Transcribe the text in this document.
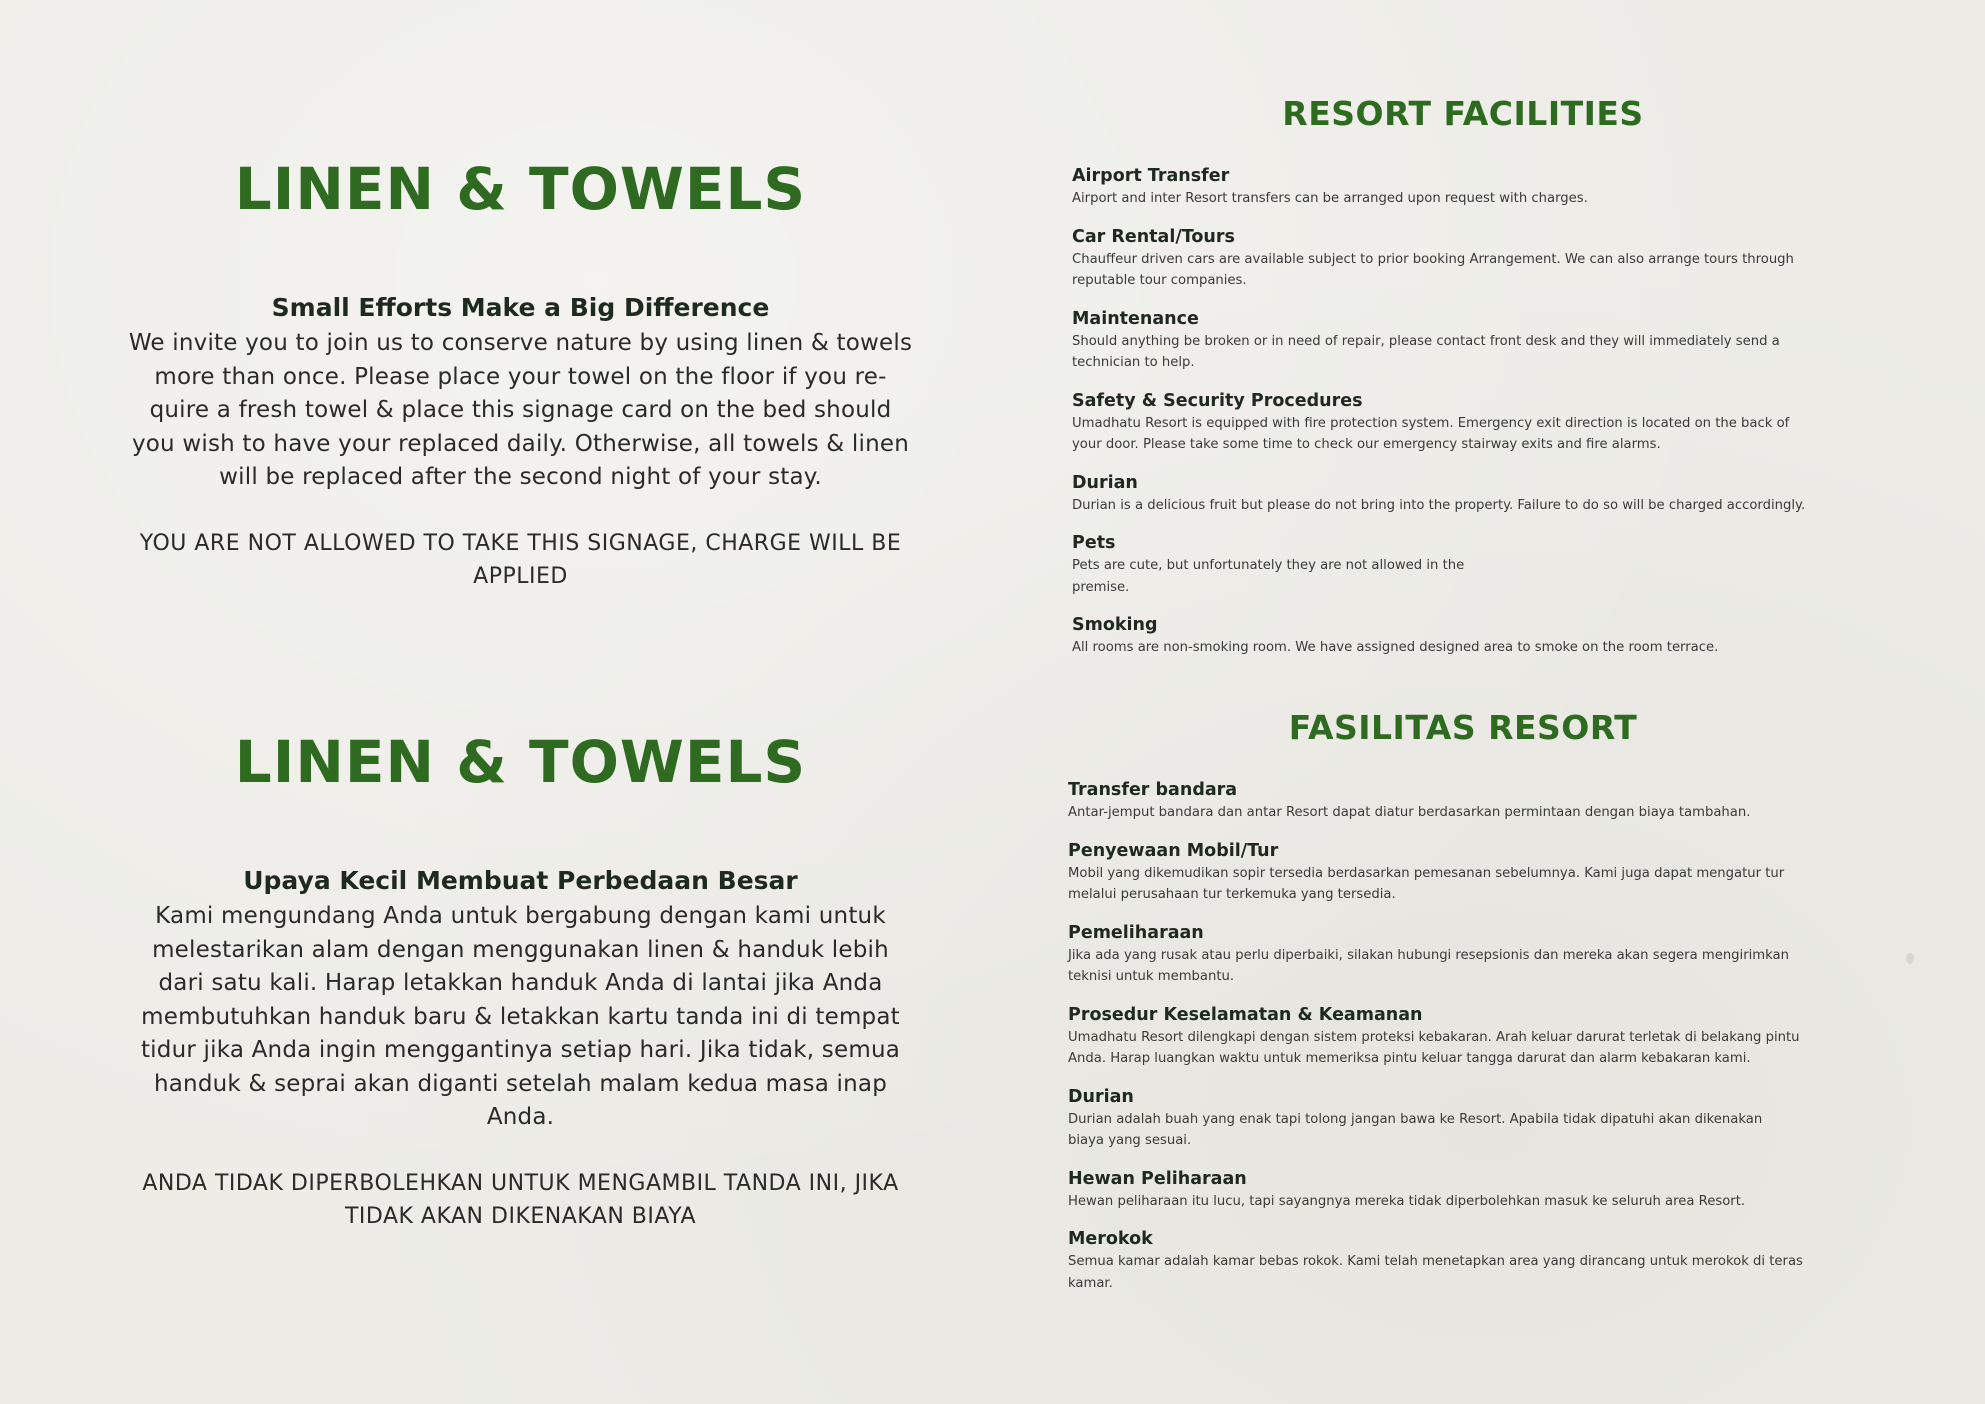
LINEN & TOWELS
Small Efforts Make a Big Difference
We invite you to join us to conserve nature by using linen & towels
more than once. Please place your towel on the floor if you re-
quire a fresh towel & place this signage card on the bed should
you wish to have your replaced daily. Otherwise, all towels & linen
will be replaced after the second night of your stay.
YOU ARE NOT ALLOWED TO TAKE THIS SIGNAGE, CHARGE WILL BE
APPLIED
LINEN & TOWELS
Upaya Kecil Membuat Perbedaan Besar
Kami mengundang Anda untuk bergabung dengan kami untuk
melestarikan alam dengan menggunakan linen & handuk lebih
dari satu kali. Harap letakkan handuk Anda di lantai jika Anda
membutuhkan handuk baru & letakkan kartu tanda ini di tempat
tidur jika Anda ingin menggantinya setiap hari. Jika tidak, semua
handuk & seprai akan diganti setelah malam kedua masa inap
Anda.
ANDA TIDAK DIPERBOLEHKAN UNTUK MENGAMBIL TANDA INI, JIKA
TIDAK AKAN DIKENAKAN BIAYA
RESORT FACILITIES
Airport Transfer
Airport and inter Resort transfers can be arranged upon request with charges.
Car Rental/Tours
Chauffeur driven cars are available subject to prior booking Arrangement. We can also arrange tours through
reputable tour companies.
Maintenance
Should anything be broken or in need of repair, please contact front desk and they will immediately send a
technician to help.
Safety & Security Procedures
Umadhatu Resort is equipped with fire protection system. Emergency exit direction is located on the back of
your door. Please take some time to check our emergency stairway exits and fire alarms.
Durian
Durian is a delicious fruit but please do not bring into the property. Failure to do so will be charged accordingly.
Pets
Pets are cute, but unfortunately they are not allowed in the
premise.
Smoking
All rooms are non-smoking room. We have assigned designed area to smoke on the room terrace.
FASILITAS RESORT
Transfer bandara
Antar-jemput bandara dan antar Resort dapat diatur berdasarkan permintaan dengan biaya tambahan.
Penyewaan Mobil/Tur
Mobil yang dikemudikan sopir tersedia berdasarkan pemesanan sebelumnya. Kami juga dapat mengatur tur
melalui perusahaan tur terkemuka yang tersedia.
Pemeliharaan
Jika ada yang rusak atau perlu diperbaiki, silakan hubungi resepsionis dan mereka akan segera mengirimkan
teknisi untuk membantu.
Prosedur Keselamatan & Keamanan
Umadhatu Resort dilengkapi dengan sistem proteksi kebakaran. Arah keluar darurat terletak di belakang pintu
Anda. Harap luangkan waktu untuk memeriksa pintu keluar tangga darurat dan alarm kebakaran kami.
Durian
Durian adalah buah yang enak tapi tolong jangan bawa ke Resort. Apabila tidak dipatuhi akan dikenakan
biaya yang sesuai.
Hewan Peliharaan
Hewan peliharaan itu lucu, tapi sayangnya mereka tidak diperbolehkan masuk ke seluruh area Resort.
Merokok
Semua kamar adalah kamar bebas rokok. Kami telah menetapkan area yang dirancang untuk merokok di teras
kamar.
